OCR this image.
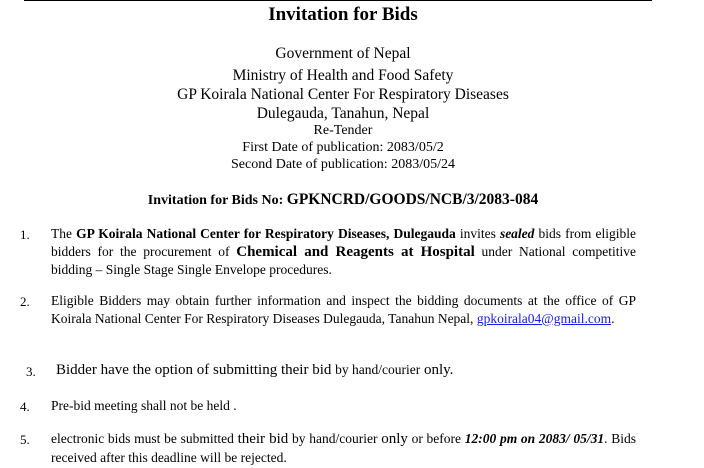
Invitation for Bids
Government of Nepal
Ministry of Health and Food Safety
GP Koirala National Center For Respiratory Diseases
Dulegauda, Tanahun, Nepal
Re-Tender
First Date of publication: 2083/05/2
Second Date of publication: 2083/05/24
Invitation for Bids No: GPKNCRD/GOODS/NCB/3/2083-084
1. The GP Koirala National Center for Respiratory Diseases, Dulegauda invites sealed bids from eligible bidders for the procurement of Chemical and Reagents at Hospital under National competitive bidding – Single Stage Single Envelope procedures.
2. Eligible Bidders may obtain further information and inspect the bidding documents at the office of GP Koirala National Center For Respiratory Diseases Dulegauda, Tanahun Nepal, gpkoirala04@gmail.com.
3. Bidder have the option of submitting their bid by hand/courier only.
4. Pre-bid meeting shall not be held .
5. electronic bids must be submitted their bid by hand/courier only or before 12:00 pm on 2083/ 05/31. Bids received after this deadline will be rejected.
